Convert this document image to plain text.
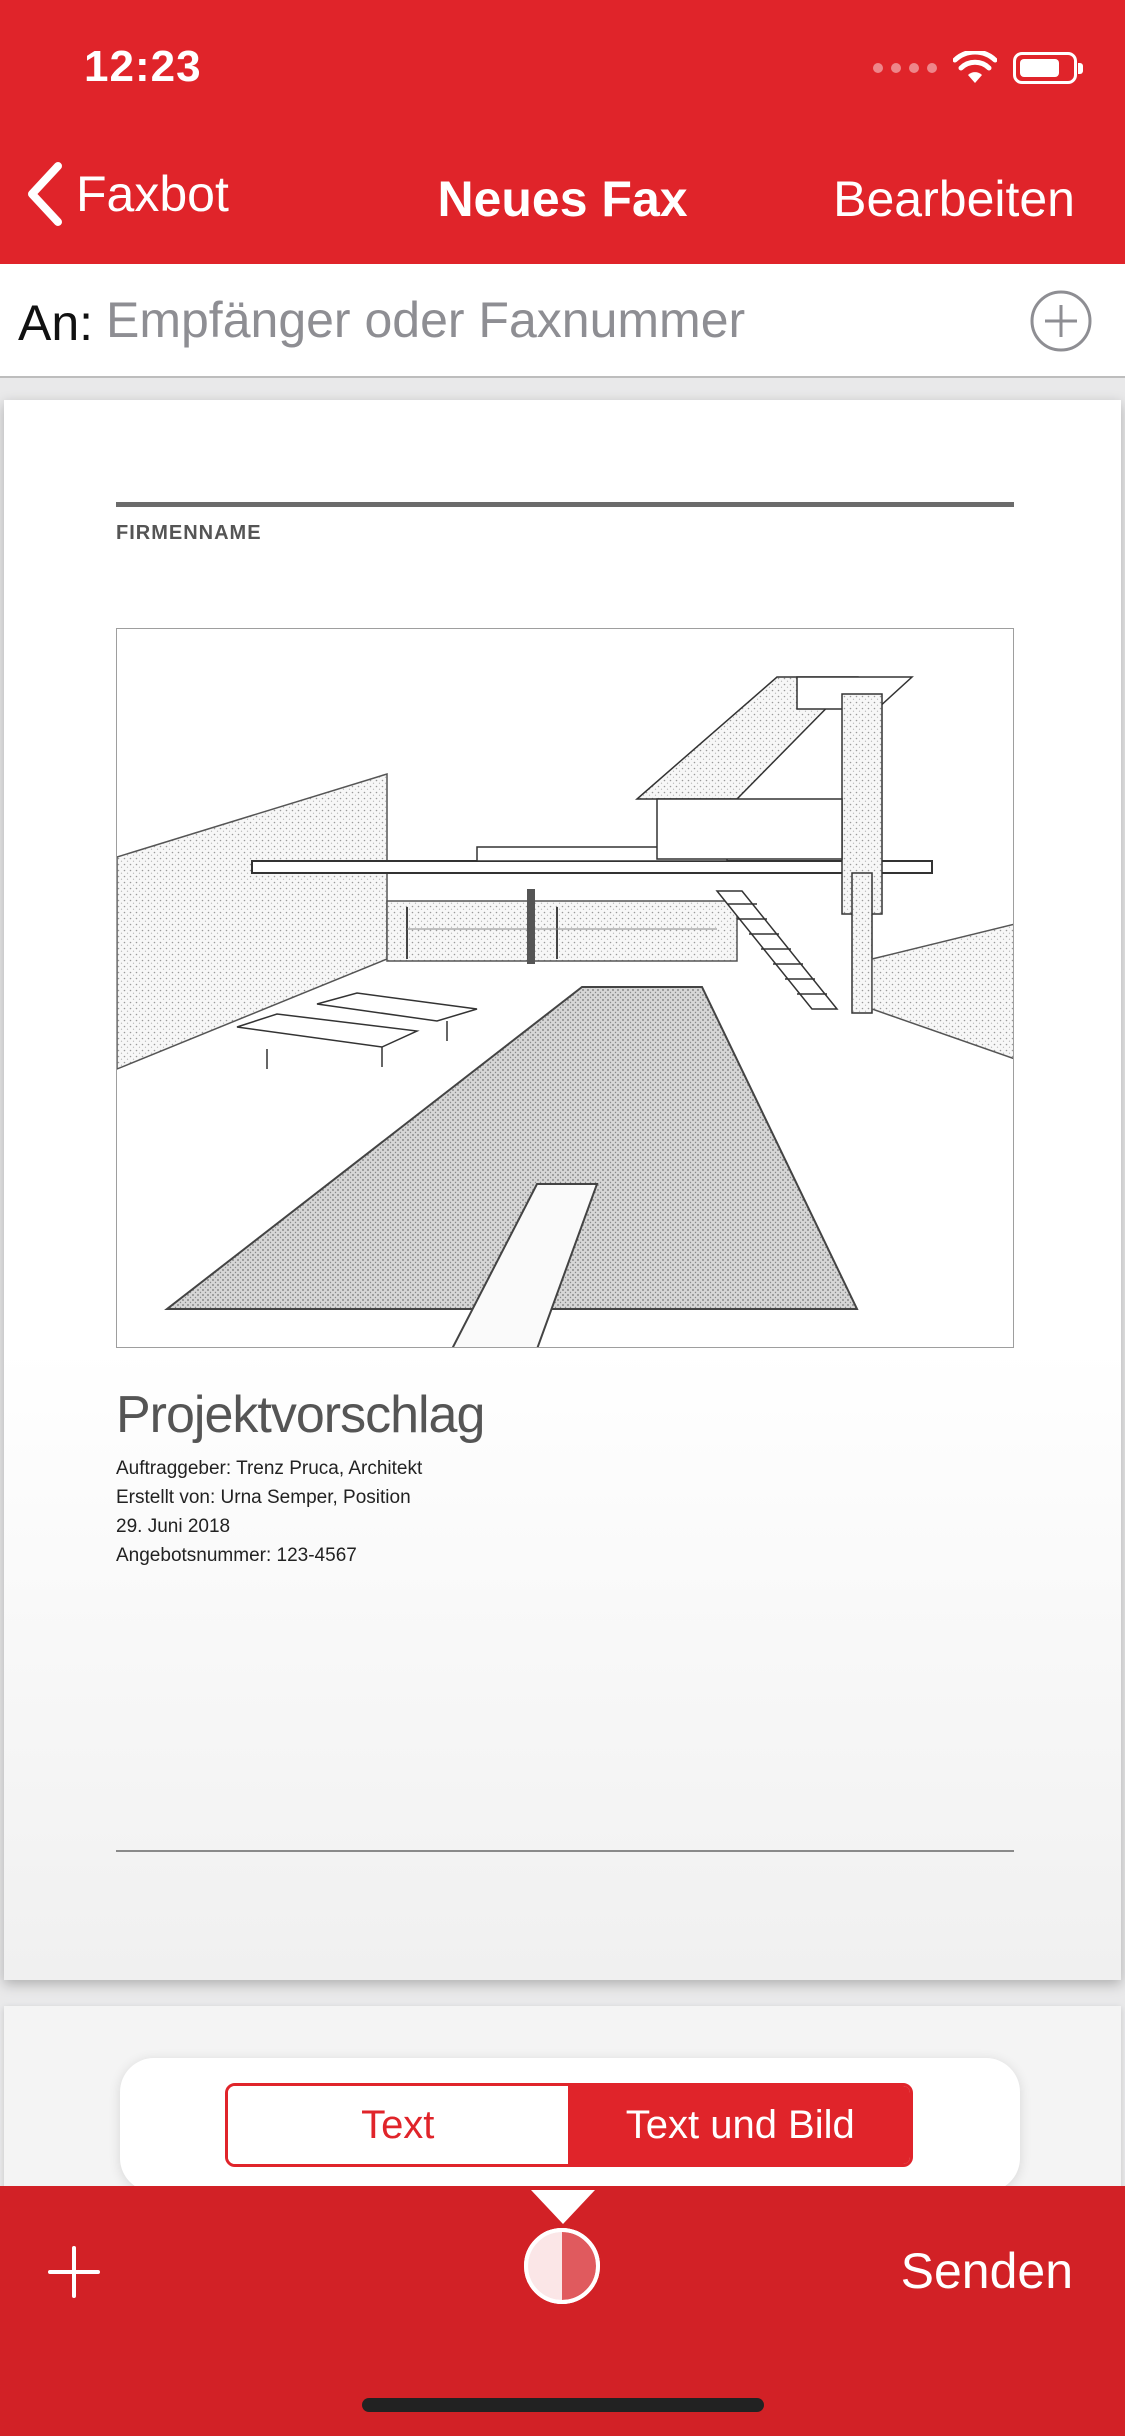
12:23
Faxbot	Neues Fax	Bearbeiten
An:
Empfänger oder Faxnummer
FIRMENNAME
Projektvorschlag
Auftraggeber: Trenz Pruca, Architekt
Erstellt von: Urna Semper, Position
29. Juni 2018
Angebotsnummer: 123-4567
Text	Text und Bild
Senden
